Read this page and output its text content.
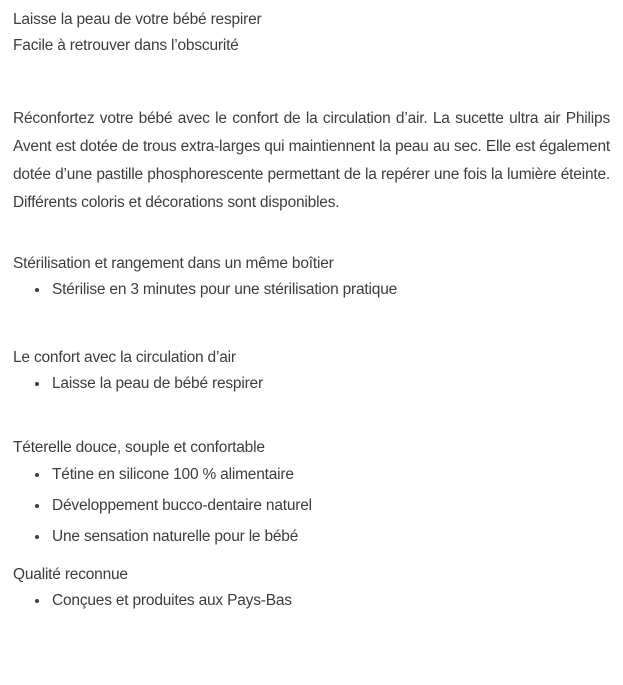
Laisse la peau de votre bébé respirer
Facile à retrouver dans l’obscurité

Réconfortez votre bébé avec le confort de la circulation d’air. La sucette ultra air Philips Avent est dotée de trous extra-larges qui maintiennent la peau au sec. Elle est également dotée d’une pastille phosphorescente permettant de la repérer une fois la lumière éteinte. Différents coloris et décorations sont disponibles.

Stérilisation et rangement dans un même boîtier
• Stérilise en 3 minutes pour une stérilisation pratique
Le confort avec la circulation d’air
• Laisse la peau de bébé respirer
Téterelle douce, souple et confortable
• Tétine en silicone 100 % alimentaire
• Développement bucco-dentaire naturel
• Une sensation naturelle pour le bébé
Qualité reconnue
• Conçues et produites aux Pays-Bas
